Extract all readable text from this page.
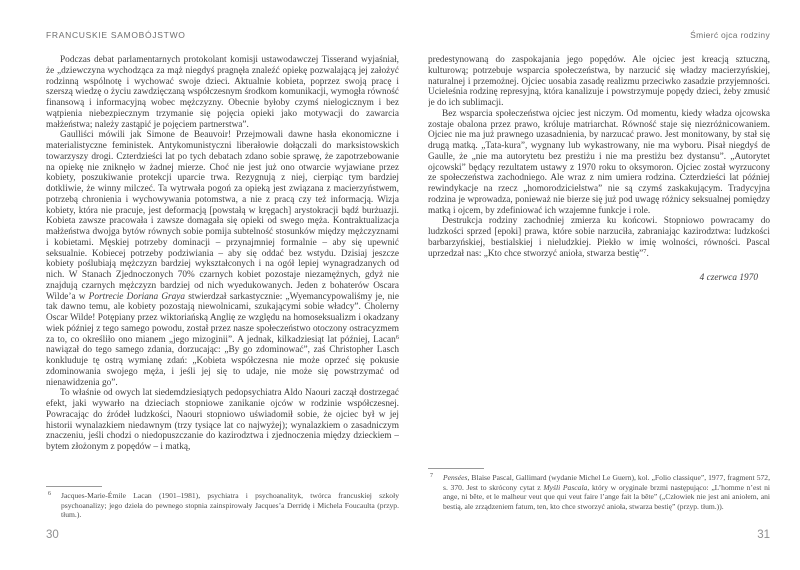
FRANCUSKIE SAMOBÓJSTWO

Podczas debat parlamentarnych protokolant komisji ustawodawczej Tisserand wyjaśniał, że „dziewczyna wychodząca za mąż niegdyś pragnęła znaleźć opiekę pozwalającą jej założyć rodzinną wspólnotę i wychować swoje dzieci. Aktualnie kobieta, poprzez swoją pracę i szerszą wiedzę o życiu zawdzięczaną współczesnym środkom komunikacji, wymogła równość finansową i informacyjną wobec mężczyzny. Obecnie byłoby czymś nielogicznym i bez wątpienia niebezpiecznym trzymanie się pojęcia opieki jako motywacji do zawarcia małżeństwa; należy zastąpić je pojęciem partnerstwa”.

Gaulliści mówili jak Simone de Beauvoir! Przejmowali dawne hasła ekonomiczne i materialistyczne feministek. Antykomunistyczni liberałowie dołączali do marksistowskich towarzyszy drogi. Czterdzieści lat po tych debatach zdano sobie sprawę, że zapotrzebowanie na opiekę nie zniknęło w żadnej mierze. Choć nie jest już ono otwarcie wyjawiane przez kobiety, poszukiwanie protekcji uparcie trwa. Rezygnują z niej, cierpiąc tym bardziej dotkliwie, że winny milczeć. Ta wytrwała pogoń za opieką jest związana z macierzyństwem, potrzebą chronienia i wychowywania potomstwa, a nie z pracą czy też informacją. Wizja kobiety, która nie pracuje, jest deformacją [powstałą w kręgach] arystokracji bądź burżuazji. Kobieta zawsze pracowała i zawsze domagała się opieki od swego męża. Kontraktualizacja małżeństwa dwojga bytów równych sobie pomija subtelność stosunków między mężczyznami i kobietami. Męskiej potrzeby dominacji – przynajmniej formalnie – aby się upewnić seksualnie. Kobiecej potrzeby podziwiania – aby się oddać bez wstydu. Dzisiaj jeszcze kobiety poślubiają mężczyzn bardziej wykształconych i na ogół lepiej wynagradzanych od nich. W Stanach Zjednoczonych 70% czarnych kobiet pozostaje niezamężnych, gdyż nie znajdują czarnych mężczyzn bardziej od nich wyedukowanych. Jeden z bohaterów Oscara Wilde’a w Portrecie Doriana Graya stwierdzał sarkastycznie: „Wyemancypowaliśmy je, nie tak dawno temu, ale kobiety pozostają niewolnicami, szukającymi sobie władcy”. Cholerny Oscar Wilde! Potępiany przez wiktoriańską Anglię ze względu na homoseksualizm i okadzany wiek później z tego samego powodu, został przez nasze społeczeństwo otoczony ostracyzmem za to, co określiło ono mianem „jego mizoginii”. A jednak, kilkadziesiąt lat później, Lacan$^6$ nawiązał do tego samego zdania, dorzucając: „By go zdominować”, zaś Christopher Lasch konkluduje tę ostrą wymianę zdań: „Kobieta współczesna nie może oprzeć się pokusie zdominowania swojego męża, i jeśli jej się to udaje, nie może się powstrzymać od nienawidzenia go”.

To właśnie od owych lat siedemdziesiątych pedopsychiatra Aldo Naouri zaczął dostrzegać efekt, jaki wywarło na dzieciach stopniowe zanikanie ojców w rodzinie współczesnej. Powracając do źródeł ludzkości, Naouri stopniowo uświadomił sobie, że ojciec był w jej historii wynalazkiem niedawnym (trzy tysiące lat co najwyżej); wynalazkiem o zasadniczym znaczeniu, jeśli chodzi o niedopuszczanie do kazirodztwa i zjednoczenia między dzieckiem – bytem złożonym z popędów – i matką,

6 Jacques-Marie-Émile Lacan (1901–1981), psychiatra i psychoanalityk, twórca francuskiej szkoły psychoanalizy; jego dzieła do pewnego stopnia zainspirowały Jacques’a Derridę i Michela Foucaulta (przyp. tłum.).
30
Śmierć ojca rodziny

predestynowaną do zaspokajania jego popędów. Ale ojciec jest kreacją sztuczną, kulturową; potrzebuje wsparcia społeczeństwa, by narzucić się władzy macierzyńskiej, naturalnej i przemożnej. Ojciec uosabia zasadę realizmu przeciwko zasadzie przyjemności. Ucieleśnia rodzinę represyjną, która kanalizuje i powstrzymuje popędy dzieci, żeby zmusić je do ich sublimacji.

Bez wsparcia społeczeństwa ojciec jest niczym. Od momentu, kiedy władza ojcowska zostaje obalona przez prawo, króluje matriarchat. Równość staje się niezróżnicowaniem. Ojciec nie ma już prawnego uzasadnienia, by narzucać prawo. Jest monitowany, by stał się drugą matką. „Tata-kura”, wygnany lub wykastrowany, nie ma wyboru. Pisał niegdyś de Gaulle, że „nie ma autorytetu bez prestiżu i nie ma prestiżu bez dystansu”. „Autorytet ojcowski” będący rezultatem ustawy z 1970 roku to oksymoron. Ojciec został wyrzucony ze społeczeństwa zachodniego. Ale wraz z nim umiera rodzina. Czterdzieści lat później rewindykacje na rzecz „homorodzicielstwa” nie są czymś zaskakującym. Tradycyjna rodzina je wprowadza, ponieważ nie bierze się już pod uwagę różnicy seksualnej pomiędzy matką i ojcem, by zdefiniować ich wzajemne funkcje i role.

Destrukcja rodziny zachodniej zmierza ku końcowi. Stopniowo powracamy do ludzkości sprzed [epoki] prawa, które sobie narzuciła, zabraniając kazirodztwa: ludzkości barbarzyńskiej, bestialskiej i nieludzkiej. Piekło w imię wolności, równości. Pascal uprzedzał nas: „Kto chce stworzyć anioła, stwarza bestię”$^7$.

4 czerwca 1970
7 Pensées, Blaise Pascal, Gallimard (wydanie Michel Le Guern), kol. „Folio classique”, 1977, fragment 572, s. 370. Jest to skrócony cytat z Myśli Pascala, który w oryginale brzmi następująco: „L’homme n’est ni ange, ni bête, et le malheur veut que qui veut faire l’ange fait la bête” („Człowiek nie jest ani aniołem, ani bestią, ale zrządzeniem fatum, ten, kto chce stworzyć anioła, stwarza bestię” (przyp. tłum.)).
31
